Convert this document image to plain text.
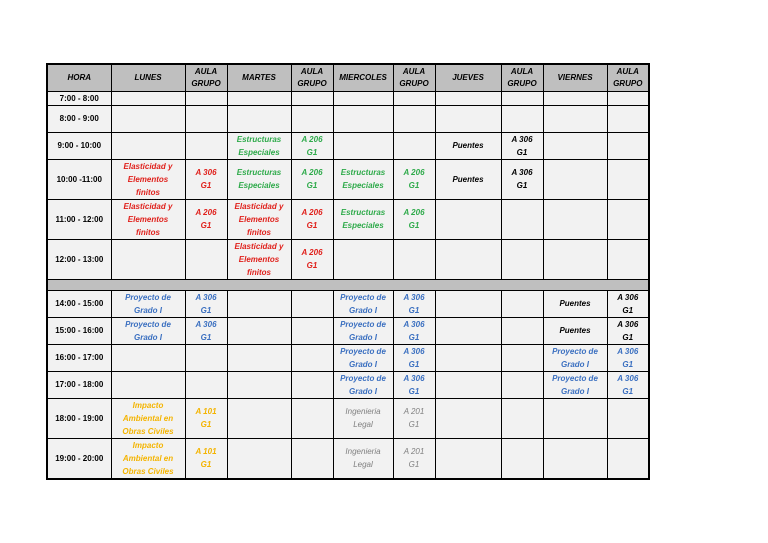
HORA	LUNES	AULA
GRUPO	MARTES	AULA
GRUPO	MIERCOLES	AULA
GRUPO	JUEVES	AULA
GRUPO	VIERNES	AULA
GRUPO

7:00 - 8:00										
8:00 - 9:00										
9:00 - 10:00			Estructuras
Especiales	A 206
G1			Puentes	A 306
G1		

10:00 -11:00	Elasticidad y
Elementos
finitos	A 306
G1	Estructuras
Especiales	A 206
G1	Estructuras
Especiales	A 206
G1	Puentes	A 306
G1		

11:00 - 12:00	Elasticidad y
Elementos
finitos	A 206
G1	Elasticidad y
Elementos
finitos	A 206
G1	Estructuras
Especiales	A 206
G1				

12:00 - 13:00			Elasticidad y
Elementos
finitos	A 206
G1						

14:00 - 15:00	Proyecto de
Grado I	A 306
G1			Proyecto de
Grado I	A 306
G1			Puentes	A 306
G1

15:00 - 16:00	Proyecto de
Grado I	A 306
G1			Proyecto de
Grado I	A 306
G1			Puentes	A 306
G1

16:00 - 17:00					Proyecto de
Grado I	A 306
G1			Proyecto de
Grado I	A 306
G1

17:00 - 18:00					Proyecto de
Grado I	A 306
G1			Proyecto de
Grado I	A 306
G1

18:00 - 19:00	Impacto
Ambiental en
Obras Civiles	A 101
G1			Ingenieria
Legal	A 201
G1				

19:00 - 20:00	Impacto
Ambiental en
Obras Civiles	A 101
G1			Ingenieria
Legal	A 201
G1				
